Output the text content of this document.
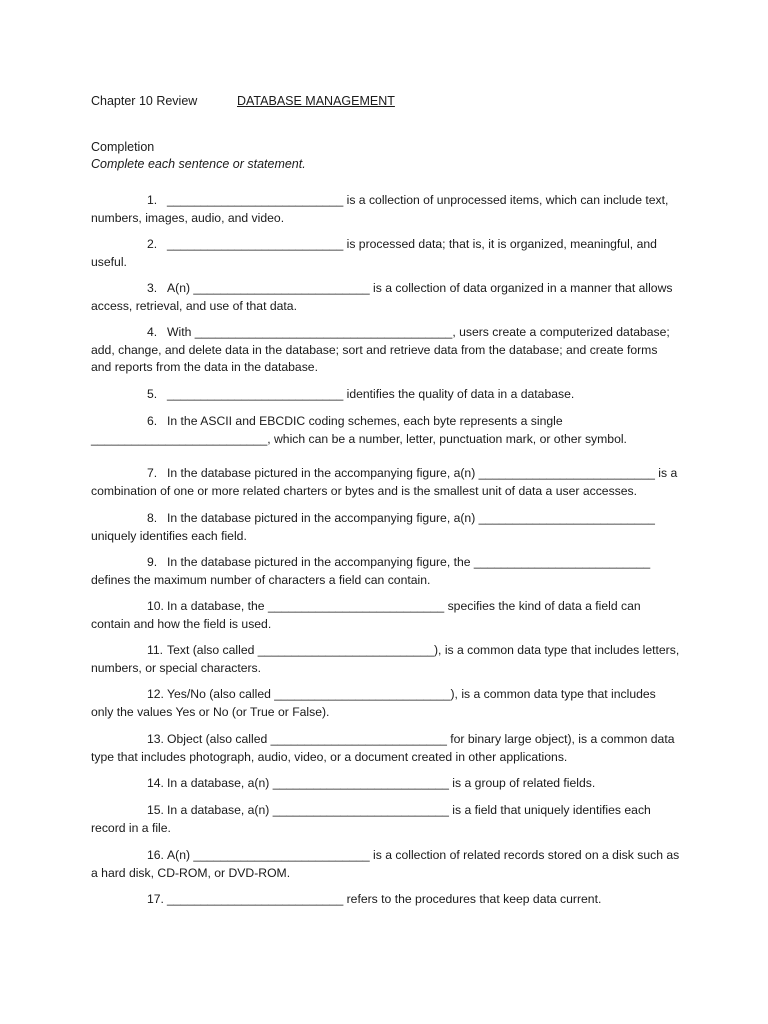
Chapter 10 Review	DATABASE MANAGEMENT
Completion
Complete each sentence or statement.
1. __________________________ is a collection of unprocessed items, which can include text, numbers, images, audio, and video.
2. __________________________ is processed data; that is, it is organized, meaningful, and useful.
3. A(n) __________________________ is a collection of data organized in a manner that allows access, retrieval, and use of that data.
4. With ______________________________________, users create a computerized database; add, change, and delete data in the database; sort and retrieve data from the database; and create forms and reports from the data in the database.
5. __________________________ identifies the quality of data in a database.
6. In the ASCII and EBCDIC coding schemes, each byte represents a single __________________________, which can be a number, letter, punctuation mark, or other symbol.
7. In the database pictured in the accompanying figure, a(n) __________________________ is a combination of one or more related charters or bytes and is the smallest unit of data a user accesses.
8. In the database pictured in the accompanying figure, a(n) __________________________ uniquely identifies each field.
9. In the database pictured in the accompanying figure, the __________________________ defines the maximum number of characters a field can contain.
10. In a database, the __________________________ specifies the kind of data a field can contain and how the field is used.
11. Text (also called __________________________), is a common data type that includes letters, numbers, or special characters.
12. Yes/No (also called __________________________), is a common data type that includes only the values Yes or No (or True or False).
13. Object (also called __________________________ for binary large object), is a common data type that includes photograph, audio, video, or a document created in other applications.
14. In a database, a(n) __________________________ is a group of related fields.
15. In a database, a(n) __________________________ is a field that uniquely identifies each record in a file.
16. A(n) __________________________ is a collection of related records stored on a disk such as a hard disk, CD-ROM, or DVD-ROM.
17. __________________________ refers to the procedures that keep data current.
